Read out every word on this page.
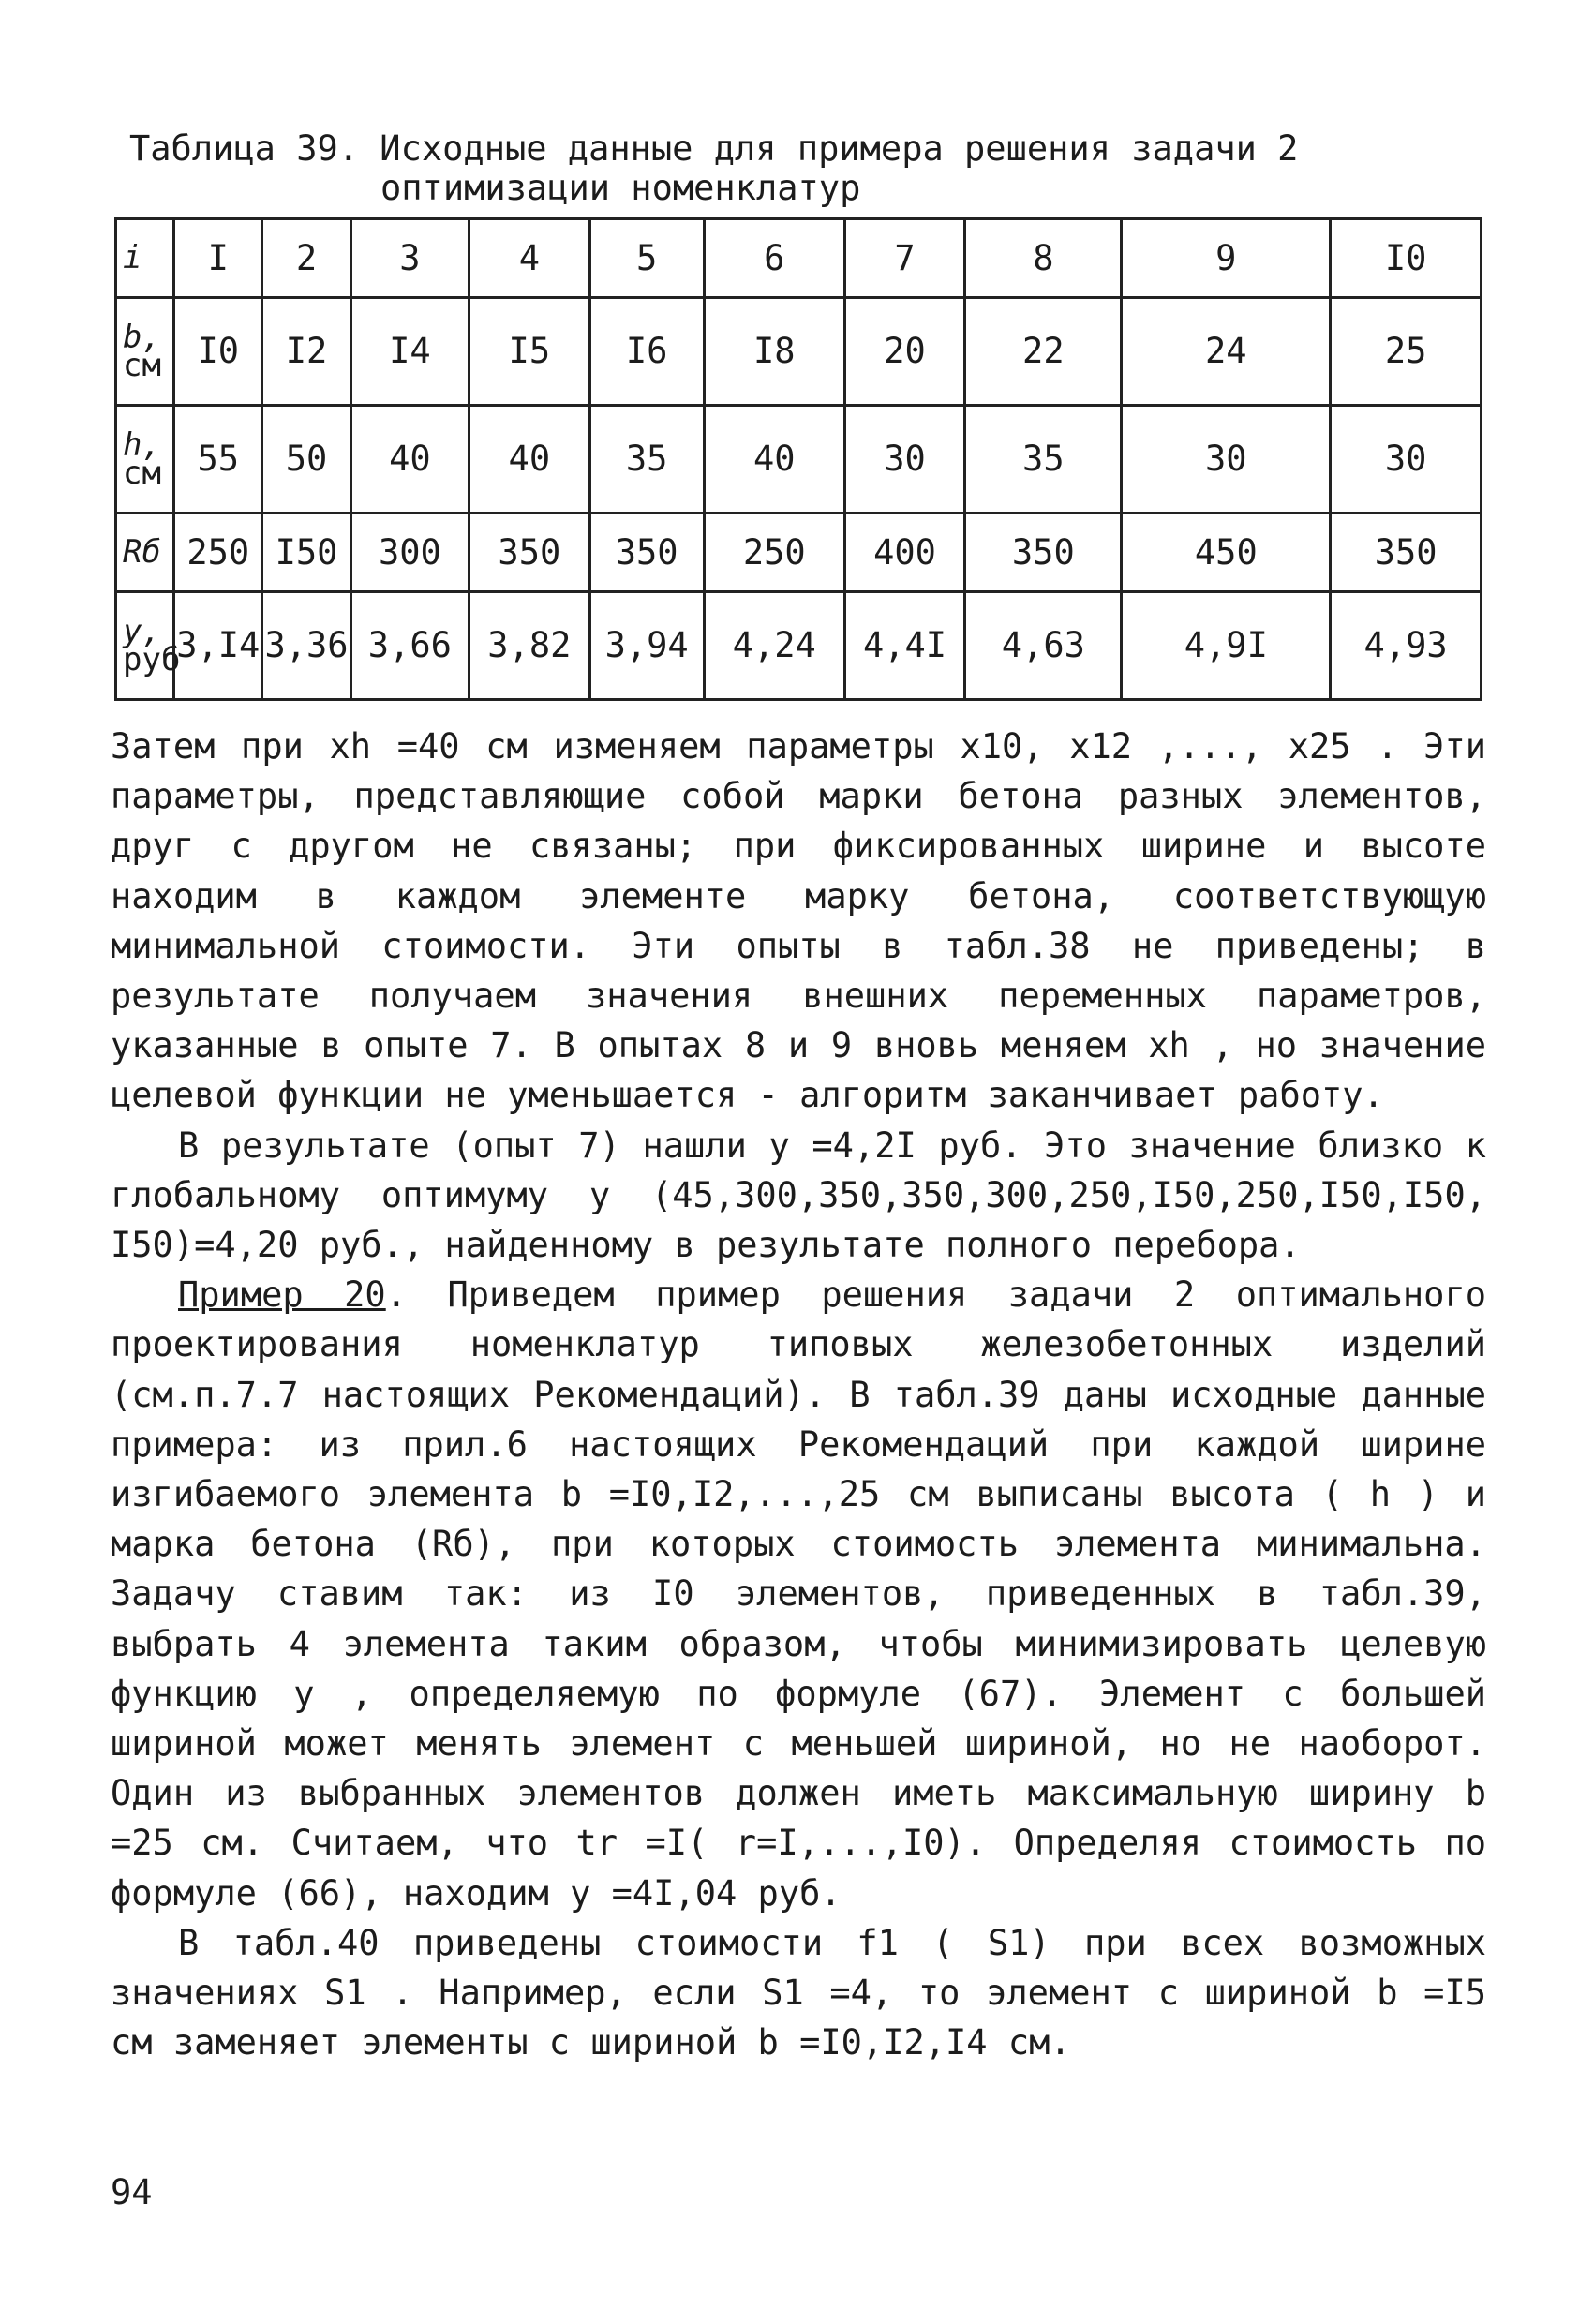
Таблица 39. Исходные данные для примера решения задачи 2
оптимизации номенклатур
i	I	2	3	4	5	6	7	8	9	I0
b,
см	I0	I2	I4	I5	I6	I8	20	22	24	25
h,
см	55	50	40	40	35	40	30	35	30	30
Rб	250	I50	300	350	350	250	400	350	450	350
y,
руб	3,I4	3,36	3,66	3,82	3,94	4,24	4,4I	4,63	4,9I	4,93

Затем при xh =40 см изменяем параметры x10, x12 ,..., x25 . Эти параметры, представляющие собой марки бетона разных элементов, друг с другом не связаны; при фиксированных ширине и высоте находим в каждом элементе марку бетона, соответствующую минимальной стоимости. Эти опыты в табл.38 не приведены; в результате получаем значения внешних переменных параметров, указанные в опыте 7. В опытах 8 и 9 вновь меняем xh , но значение целевой функции не уменьшается - алгоритм заканчивает работу.

В результате (опыт 7) нашли y =4,2I руб. Это значение близко к глобальному оптимуму y (45,300,350,350,300,250,I50,250,I50,I50, I50)=4,20 руб., найденному в результате полного перебора.

Пример 20. Приведем пример решения задачи 2 оптимального проектирования номенклатур типовых железобетонных изделий (см.п.7.7 настоящих Рекомендаций). В табл.39 даны исходные данные примера: из прил.6 настоящих Рекомендаций при каждой ширине изгибаемого элемента b =I0,I2,...,25 см выписаны высота ( h ) и марка бетона (Rб), при которых стоимость элемента минимальна. Задачу ставим так: из I0 элементов, приведенных в табл.39, выбрать 4 элемента таким образом, чтобы минимизировать целевую функцию y , определяемую по формуле (67). Элемент с большей шириной может менять элемент с меньшей шириной, но не наоборот. Один из выбранных элементов должен иметь максимальную ширину b =25 см. Считаем, что tr =I( r=I,...,I0). Определяя стоимость по формуле (66), находим y =4I,04 руб.

В табл.40 приведены стоимости f1 ( S1) при всех возможных значениях S1 . Например, если S1 =4, то элемент с шириной b =I5 см заменяет элементы с шириной b =I0,I2,I4 см.

94
